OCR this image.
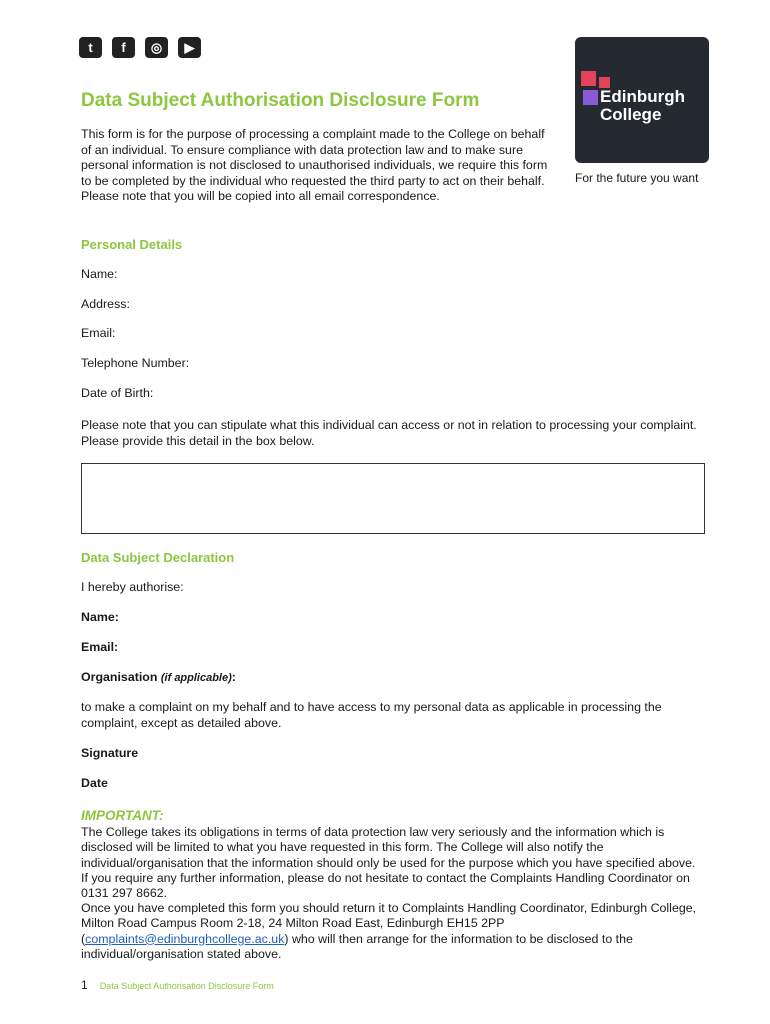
t	f	◎	▶
Edinburgh
College
For the future you want
Data Subject Authorisation Disclosure Form

This form is for the purpose of processing a complaint made to the College on behalf of an individual. To ensure compliance with data protection law and to make sure personal information is not disclosed to unauthorised individuals, we require this form to be completed by the individual who requested the third party to act on their behalf. Please note that you will be copied into all email correspondence.

Personal Details

Name:

Address:

Email:

Telephone Number:

Date of Birth:

Please note that you can stipulate what this individual can access or not in relation to processing your complaint. Please provide this detail in the box below.

Data Subject Declaration

I hereby authorise:

Name:

Email:

Organisation (if applicable):

to make a complaint on my behalf and to have access to my personal data as applicable in processing the complaint, except as detailed above.

Signature

Date

IMPORTANT:

The College takes its obligations in terms of data protection law very seriously and the information which is disclosed will be limited to what you have requested in this form. The College will also notify the individual/organisation that the information should only be used for the purpose which you have specified above. If you require any further information, please do not hesitate to contact the Complaints Handling Coordinator on 0131 297 8662.

Once you have completed this form you should return it to Complaints Handling Coordinator, Edinburgh College, Milton Road Campus Room 2-18, 24 Milton Road East, Edinburgh EH15 2PP (complaints@edinburghcollege.ac.uk) who will then arrange for the information to be disclosed to the individual/organisation stated above.

1 Data Subject Authorisation Disclosure Form
